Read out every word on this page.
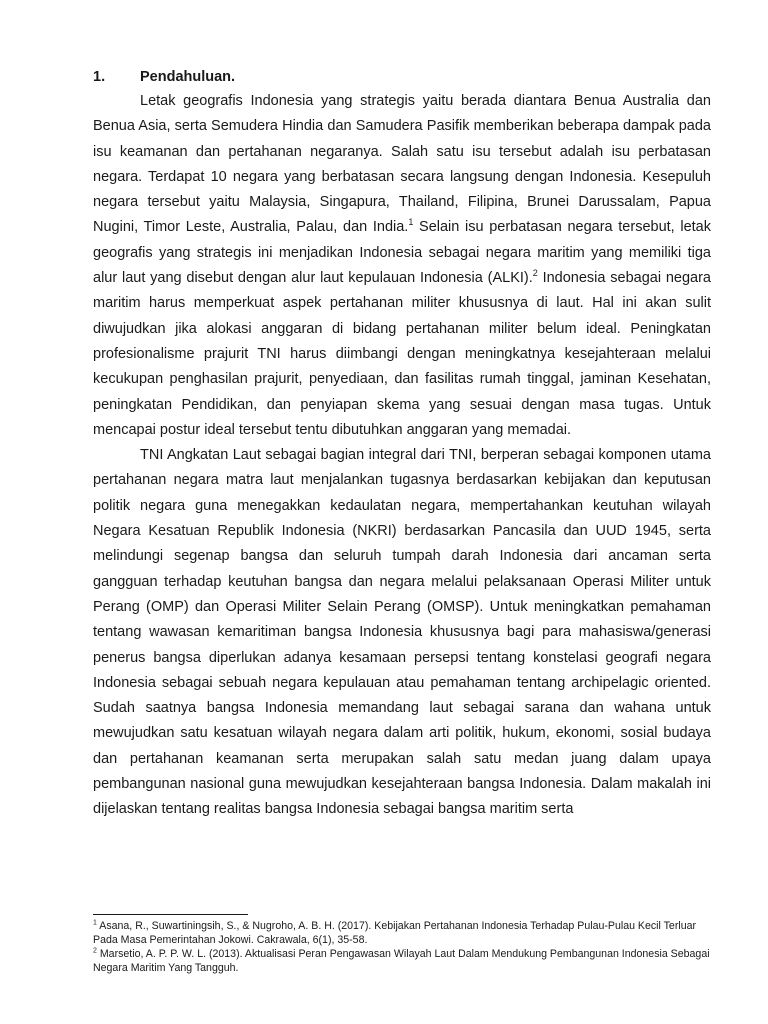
1. Pendahuluan.

Letak geografis Indonesia yang strategis yaitu berada diantara Benua Australia dan Benua Asia, serta Semudera Hindia dan Samudera Pasifik memberikan beberapa dampak pada isu keamanan dan pertahanan negaranya. Salah satu isu tersebut adalah isu perbatasan negara. Terdapat 10 negara yang berbatasan secara langsung dengan Indonesia. Kesepuluh negara tersebut yaitu Malaysia, Singapura, Thailand, Filipina, Brunei Darussalam, Papua Nugini, Timor Leste, Australia, Palau, dan India.$^1$ Selain isu perbatasan negara tersebut, letak geografis yang strategis ini menjadikan Indonesia sebagai negara maritim yang memiliki tiga alur laut yang disebut dengan alur laut kepulauan Indonesia (ALKI).$^2$ Indonesia sebagai negara maritim harus memperkuat aspek pertahanan militer khususnya di laut. Hal ini akan sulit diwujudkan jika alokasi anggaran di bidang pertahanan militer belum ideal. Peningkatan profesionalisme prajurit TNI harus diimbangi dengan meningkatnya kesejahteraan melalui kecukupan penghasilan prajurit, penyediaan, dan fasilitas rumah tinggal, jaminan Kesehatan, peningkatan Pendidikan, dan penyiapan skema yang sesuai dengan masa tugas. Untuk mencapai postur ideal tersebut tentu dibutuhkan anggaran yang memadai.

TNI Angkatan Laut sebagai bagian integral dari TNI, berperan sebagai komponen utama pertahanan negara matra laut menjalankan tugasnya berdasarkan kebijakan dan keputusan politik negara guna menegakkan kedaulatan negara, mempertahankan keutuhan wilayah Negara Kesatuan Republik Indonesia (NKRI) berdasarkan Pancasila dan UUD 1945, serta melindungi segenap bangsa dan seluruh tumpah darah Indonesia dari ancaman serta gangguan terhadap keutuhan bangsa dan negara melalui pelaksanaan Operasi Militer untuk Perang (OMP) dan Operasi Militer Selain Perang (OMSP). Untuk meningkatkan pemahaman tentang wawasan kemaritiman bangsa Indonesia khususnya bagi para mahasiswa/generasi penerus bangsa diperlukan adanya kesamaan persepsi tentang konstelasi geografi negara Indonesia sebagai sebuah negara kepulauan atau pemahaman tentang archipelagic oriented. Sudah saatnya bangsa Indonesia memandang laut sebagai sarana dan wahana untuk mewujudkan satu kesatuan wilayah negara dalam arti politik, hukum, ekonomi, sosial budaya dan pertahanan keamanan serta merupakan salah satu medan juang dalam upaya pembangunan nasional guna mewujudkan kesejahteraan bangsa Indonesia. Dalam makalah ini dijelaskan tentang realitas bangsa Indonesia sebagai bangsa maritim serta

$^1$ Asana, R., Suwartiningsih, S., & Nugroho, A. B. H. (2017). Kebijakan Pertahanan Indonesia Terhadap Pulau-Pulau Kecil Terluar Pada Masa Pemerintahan Jokowi. Cakrawala, 6(1), 35-58.

$^2$ Marsetio, A. P. P. W. L. (2013). Aktualisasi Peran Pengawasan Wilayah Laut Dalam Mendukung Pembangunan Indonesia Sebagai Negara Maritim Yang Tangguh.
